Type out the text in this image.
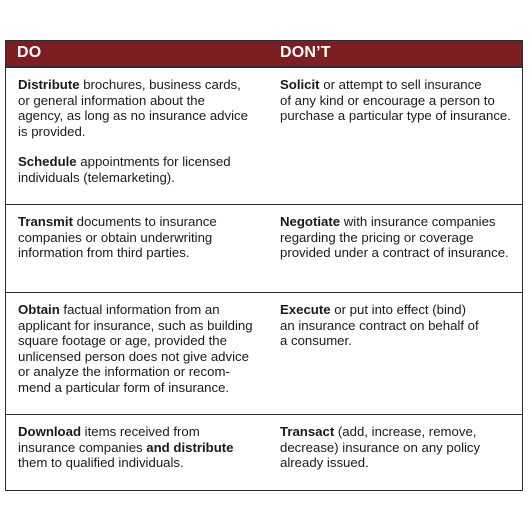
DO	DON’T

Distribute brochures, business cards,
or general information about the
agency, as long as no insurance advice
is provided.

Schedule appointments for licensed
individuals (telemarketing).

Solicit or attempt to sell insurance
of any kind or encourage a person to
purchase a particular type of insurance.

Transmit documents to insurance
companies or obtain underwriting
information from third parties.

Negotiate with insurance companies
regarding the pricing or coverage
provided under a contract of insurance.

Obtain factual information from an
applicant for insurance, such as building
square footage or age, provided the
unlicensed person does not give advice
or analyze the information or recom-
mend a particular form of insurance.

Execute or put into effect (bind)
an insurance contract on behalf of
a consumer.

Download items received from
insurance companies and distribute
them to qualified individuals.

Transact (add, increase, remove,
decrease) insurance on any policy
already issued.
